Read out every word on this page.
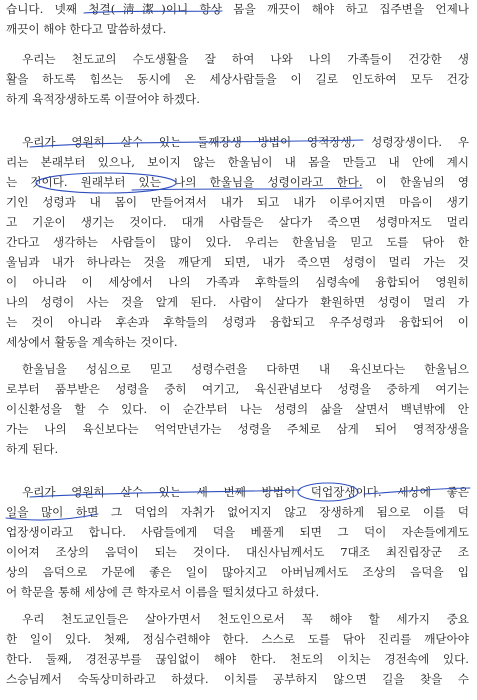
습니다. 넷째 청결(淸潔)이니 항상 몸을 깨끗이 해야 하고 집주변을 언제나
깨끗이 해야 한다고 말씀하셨다.
우리는 천도교의 수도생활을 잘 하여 나와 나의 가족들이 건강한 생
활을 하도록 힘쓰는 동시에 온 세상사람들을 이 길로 인도하여 모두 건강
하게 육적장생하도록 이끌어야 하겠다.
우리가 영원히 살수 있는 둘째장생 방법이 영적장생, 성령장생이다. 우
리는 본래부터 있으나, 보이지 않는 한울님이 내 몸을 만들고 내 안에 계시
는 것이다. 원래부터 있는 나의 한울님을 성령이라고 한다. 이 한울님의 영
기인 성령과 내 몸이 만들어져서 내가 되고 내가 이루어지면 마음이 생기
고 기운이 생기는 것이다. 대개 사람들은 살다가 죽으면 성령마저도 멀리
간다고 생각하는 사람들이 많이 있다. 우리는 한울님을 믿고 도를 닦아 한
울님과 내가 하나라는 것을 깨닫게 되면, 내가 죽으면 성령이 멀리 가는 것
이 아니라 이 세상에서 나의 가족과 후학들의 심령속에 융합되어 영원히
나의 성령이 사는 것을 알게 된다. 사람이 살다가 환원하면 성령이 멀리 가
는 것이 아니라 후손과 후학들의 성령과 융합되고 우주성령과 융합되어 이
세상에서 활동을 계속하는 것이다.
한울님을 성심으로 믿고 성령수련을 다하면 내 육신보다는 한울님으
로부터 품부받은 성령을 중히 여기고, 육신관념보다 성령을 중하게 여기는
이신환성을 할 수 있다. 이 순간부터 나는 성령의 삶을 살면서 백년밖에 안
가는 나의 육신보다는 억억만년가는 성령을 주체로 삼게 되어 영적장생을
하게 된다.
우리가 영원히 살수 있는 세 번째 방법이 덕업장생이다. 세상에 좋은
일을 많이 하면 그 덕업의 자취가 없어지지 않고 장생하게 됨으로 이를 덕
업장생이라고 합니다. 사람들에게 덕을 베풀게 되면 그 덕이 자손들에게도
이어져 조상의 음덕이 되는 것이다. 대신사님께서도 7대조 최진립장군 조
상의 음덕으로 가문에 좋은 일이 많아지고 아버님께서도 조상의 음덕을 입
어 학문을 통해 세상에 큰 학자로서 이름을 떨치셨다고 하셨다.
우리 천도교인들은 살아가면서 천도인으로서 꼭 해야 할 세가지 중요
한 일이 있다. 첫째, 정심수련해야 한다. 스스로 도를 닦아 진리를 깨닫아야
한다. 둘째, 경전공부를 끊임없이 해야 한다. 천도의 이치는 경전속에 있다.
스승님께서 숙독상미하라고 하셨다. 이치를 공부하지 않으면 길을 찾을 수
